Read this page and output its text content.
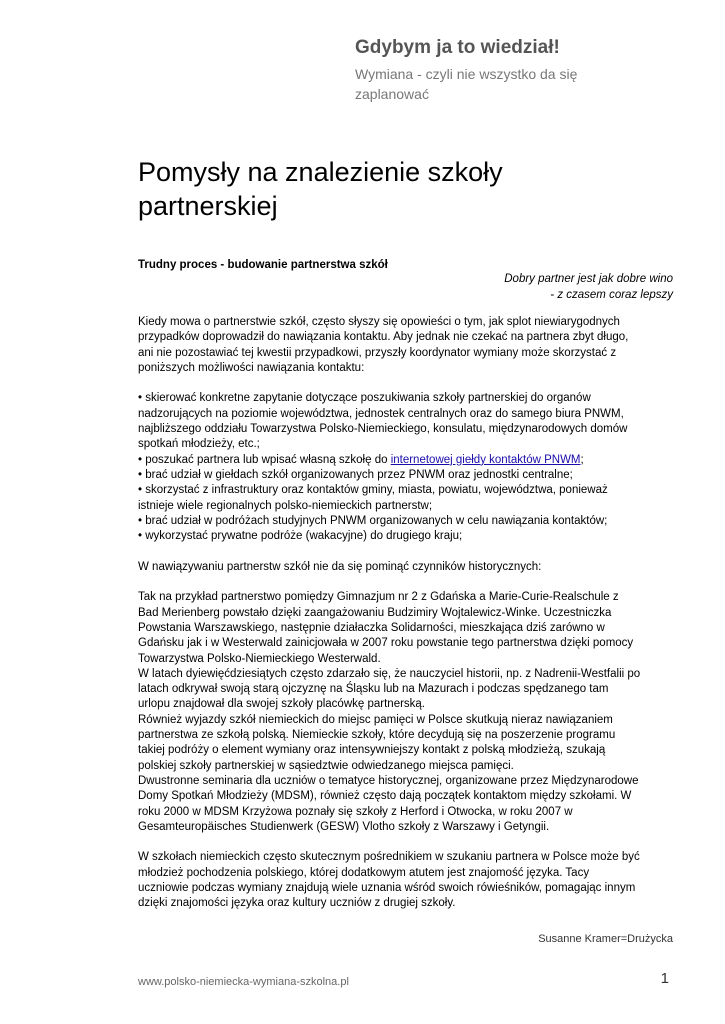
Gdybym ja to wiedział!
Wymiana - czyli nie wszystko da się
zaplanować
Pomysły na znalezienie szkoły
partnerskiej
Trudny proces - budowanie partnerstwa szkół
Dobry partner jest jak dobre wino
- z czasem coraz lepszy

Kiedy mowa o partnerstwie szkół, często słyszy się opowieści o tym, jak splot niewiarygodnych

przypadków doprowadził do nawiązania kontaktu. Aby jednak nie czekać na partnera zbyt długo,

ani nie pozostawiać tej kwestii przypadkowi, przyszły koordynator wymiany może skorzystać z

poniższych możliwości nawiązania kontaktu:

• skierować konkretne zapytanie dotyczące poszukiwania szkoły partnerskiej do organów

nadzorujących na poziomie województwa, jednostek centralnych oraz do samego biura PNWM,

najbliższego oddziału Towarzystwa Polsko-Niemieckiego, konsulatu, międzynarodowych domów

spotkań młodzieży, etc.;

• poszukać partnera lub wpisać własną szkołę do internetowej giełdy kontaktów PNWM;

• brać udział w giełdach szkół organizowanych przez PNWM oraz jednostki centralne;

• skorzystać z infrastruktury oraz kontaktów gminy, miasta, powiatu, województwa, ponieważ

istnieje wiele regionalnych polsko-niemieckich partnerstw;

• brać udział w podróżach studyjnych PNWM organizowanych w celu nawiązania kontaktów;

• wykorzystać prywatne podróże (wakacyjne) do drugiego kraju;

W nawiązywaniu partnerstw szkół nie da się pominąć czynników historycznych:

Tak na przykład partnerstwo pomiędzy Gimnazjum nr 2 z Gdańska a Marie-Curie-Realschule z

Bad Merienberg powstało dzięki zaangażowaniu Budzimiry Wojtalewicz-Winke. Uczestniczka

Powstania Warszawskiego, następnie działaczka Solidarności, mieszkająca dziś zarówno w

Gdańsku jak i w Westerwald zainicjowała w 2007 roku powstanie tego partnerstwa dzięki pomocy

Towarzystwa Polsko-Niemieckiego Westerwald.

W latach dyiewięćdziesiątych często zdarzało się, że nauczyciel historii, np. z Nadrenii-Westfalii po

latach odkrywał swoją starą ojczyznę na Śląsku lub na Mazurach i podczas spędzanego tam

urlopu znajdował dla swojej szkoły placówkę partnerską.

Również wyjazdy szkół niemieckich do miejsc pamięci w Polsce skutkują nieraz nawiązaniem

partnerstwa ze szkołą polską. Niemieckie szkoły, które decydują się na poszerzenie programu

takiej podróży o element wymiany oraz intensywniejszy kontakt z polską młodzieżą, szukają

polskiej szkoły partnerskiej w sąsiedztwie odwiedzanego miejsca pamięci.

Dwustronne seminaria dla uczniów o tematyce historycznej, organizowane przez Międzynarodowe

Domy Spotkań Młodzieży (MDSM), również często dają początek kontaktom między szkołami. W

roku 2000 w MDSM Krzyżowa poznały się szkoły z Herford i Otwocka, w roku 2007 w

Gesamteuropäisches Studienwerk (GESW) Vlotho szkoły z Warszawy i Getyngii.

W szkołach niemieckich często skutecznym pośrednikiem w szukaniu partnera w Polsce może być

młodzież pochodzenia polskiego, której dodatkowym atutem jest znajomość języka. Tacy

uczniowie podczas wymiany znajdują wiele uznania wśród swoich rówieśników, pomagając innym

dzięki znajomości języka oraz kultury uczniów z drugiej szkoły.

Susanne Kramer=Drużycka
www.polsko-niemiecka-wymiana-szkolna.pl	1
